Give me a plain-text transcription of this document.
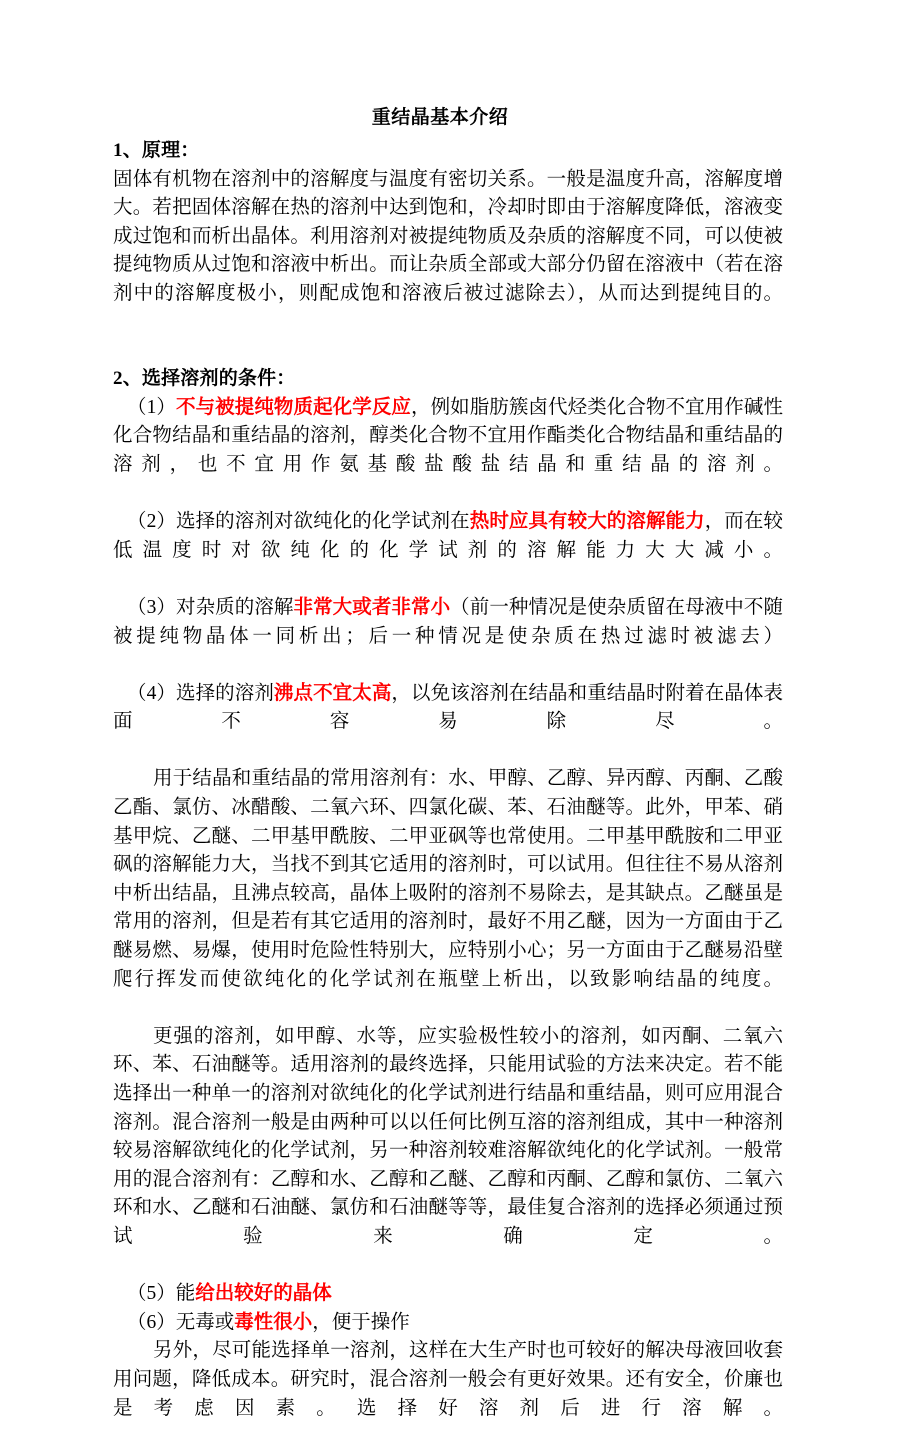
重结晶基本介绍
1、原理：

固体有机物在溶剂中的溶解度与温度有密切关系。一般是温度升高，溶解度增大。若把固体溶解在热的溶剂中达到饱和，冷却时即由于溶解度降低，溶液变成过饱和而析出晶体。利用溶剂对被提纯物质及杂质的溶解度不同，可以使被提纯物质从过饱和溶液中析出。而让杂质全部或大部分仍留在溶液中（若在溶剂中的溶解度极小，则配成饱和溶液后被过滤除去），从而达到提纯目的。

2、选择溶剂的条件：

（1）不与被提纯物质起化学反应，例如脂肪簇卤代烃类化合物不宜用作碱性化合物结晶和重结晶的溶剂，醇类化合物不宜用作酯类化合物结晶和重结晶的溶剂，也不宜用作氨基酸盐酸盐结晶和重结晶的溶剂。

（2）选择的溶剂对欲纯化的化学试剂在热时应具有较大的溶解能力，而在较低温度时对欲纯化的化学试剂的溶解能力大大减小。

（3）对杂质的溶解非常大或者非常小（前一种情况是使杂质留在母液中不随被提纯物晶体一同析出；后一种情况是使杂质在热过滤时被滤去）

（4）选择的溶剂沸点不宜太高，以免该溶剂在结晶和重结晶时附着在晶体表面不容易除尽。

用于结晶和重结晶的常用溶剂有：水、甲醇、乙醇、异丙醇、丙酮、乙酸乙酯、氯仿、冰醋酸、二氧六环、四氯化碳、苯、石油醚等。此外，甲苯、硝基甲烷、乙醚、二甲基甲酰胺、二甲亚砜等也常使用。二甲基甲酰胺和二甲亚砜的溶解能力大，当找不到其它适用的溶剂时，可以试用。但往往不易从溶剂中析出结晶，且沸点较高，晶体上吸附的溶剂不易除去，是其缺点。乙醚虽是常用的溶剂，但是若有其它适用的溶剂时，最好不用乙醚，因为一方面由于乙醚易燃、易爆，使用时危险性特别大，应特别小心；另一方面由于乙醚易沿壁爬行挥发而使欲纯化的化学试剂在瓶壁上析出，以致影响结晶的纯度。

更强的溶剂，如甲醇、水等，应实验极性较小的溶剂，如丙酮、二氧六环、苯、石油醚等。适用溶剂的最终选择，只能用试验的方法来决定。若不能选择出一种单一的溶剂对欲纯化的化学试剂进行结晶和重结晶，则可应用混合溶剂。混合溶剂一般是由两种可以以任何比例互溶的溶剂组成，其中一种溶剂较易溶解欲纯化的化学试剂，另一种溶剂较难溶解欲纯化的化学试剂。一般常用的混合溶剂有：乙醇和水、乙醇和乙醚、乙醇和丙酮、乙醇和氯仿、二氧六环和水、乙醚和石油醚、氯仿和石油醚等等，最佳复合溶剂的选择必须通过预试验来确定。

（5）能给出较好的晶体

（6）无毒或毒性很小，便于操作

另外，尽可能选择单一溶剂，这样在大生产时也可较好的解决母液回收套用问题，降低成本。研究时，混合溶剂一般会有更好效果。还有安全，价廉也是考虑因素。选择好溶剂后进行溶解。
